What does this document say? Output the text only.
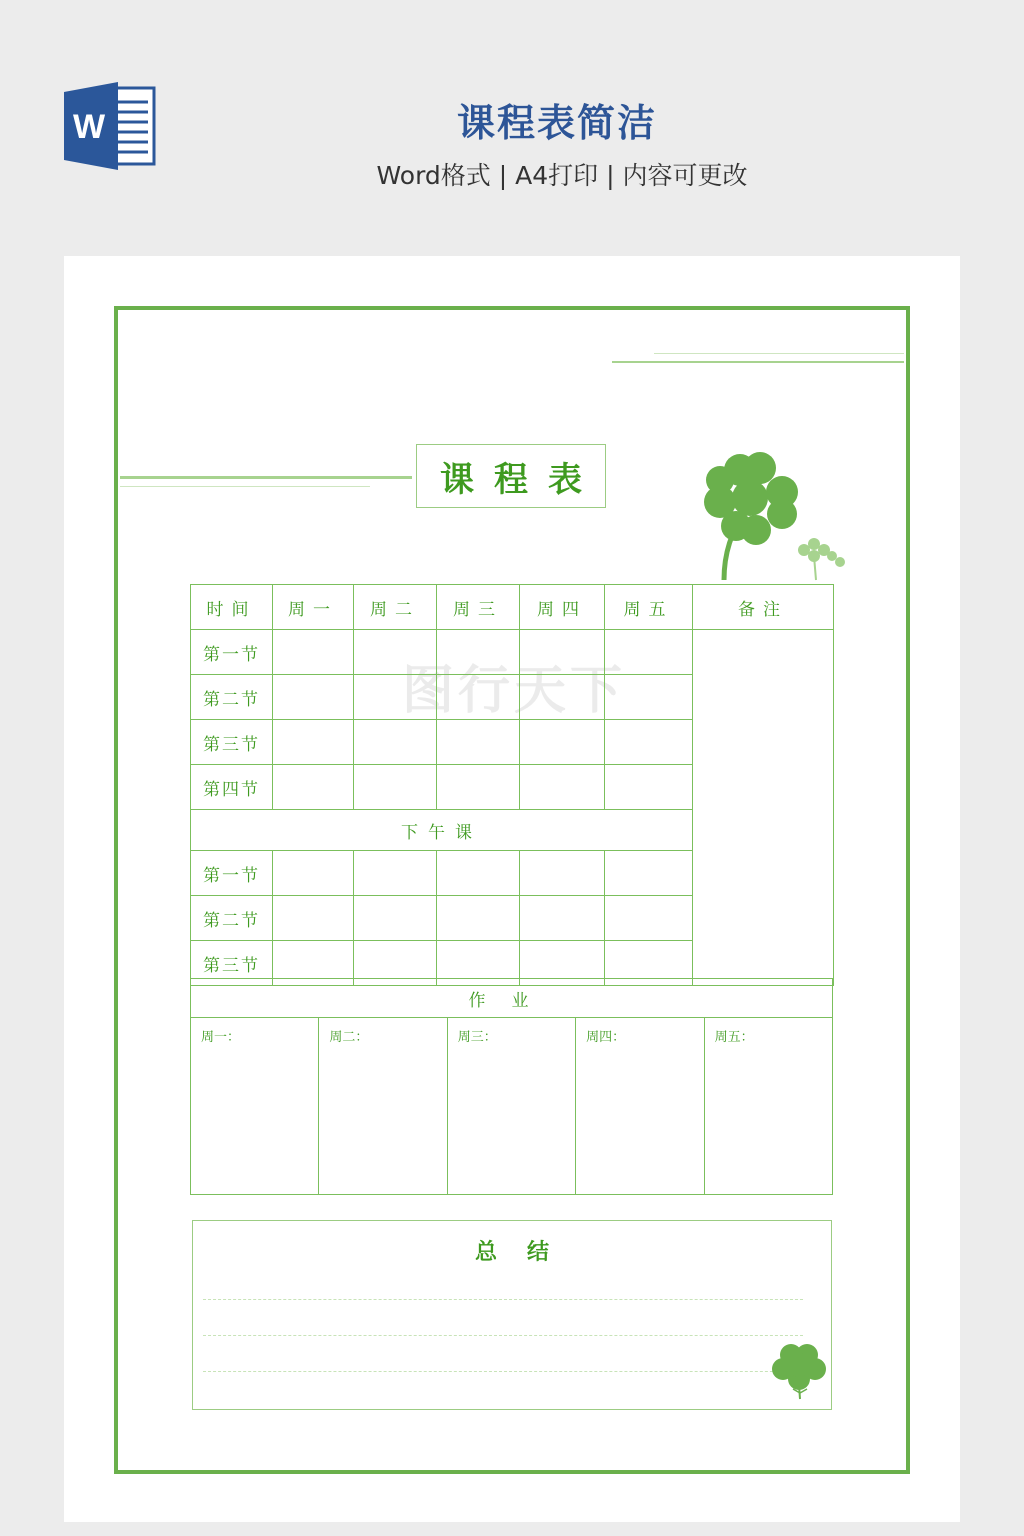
W	课程表简洁
Word格式 | A4打印 | 内容可更改
课程表
图行天下
时间	周一	周二	周三	周四	周五	备注
第一节						
第二节						
第三节						
第四节						
下午课						
第一节						
第二节						
第三节						
作业
周一：	周二：	周三：	周四：	周五：
总结
